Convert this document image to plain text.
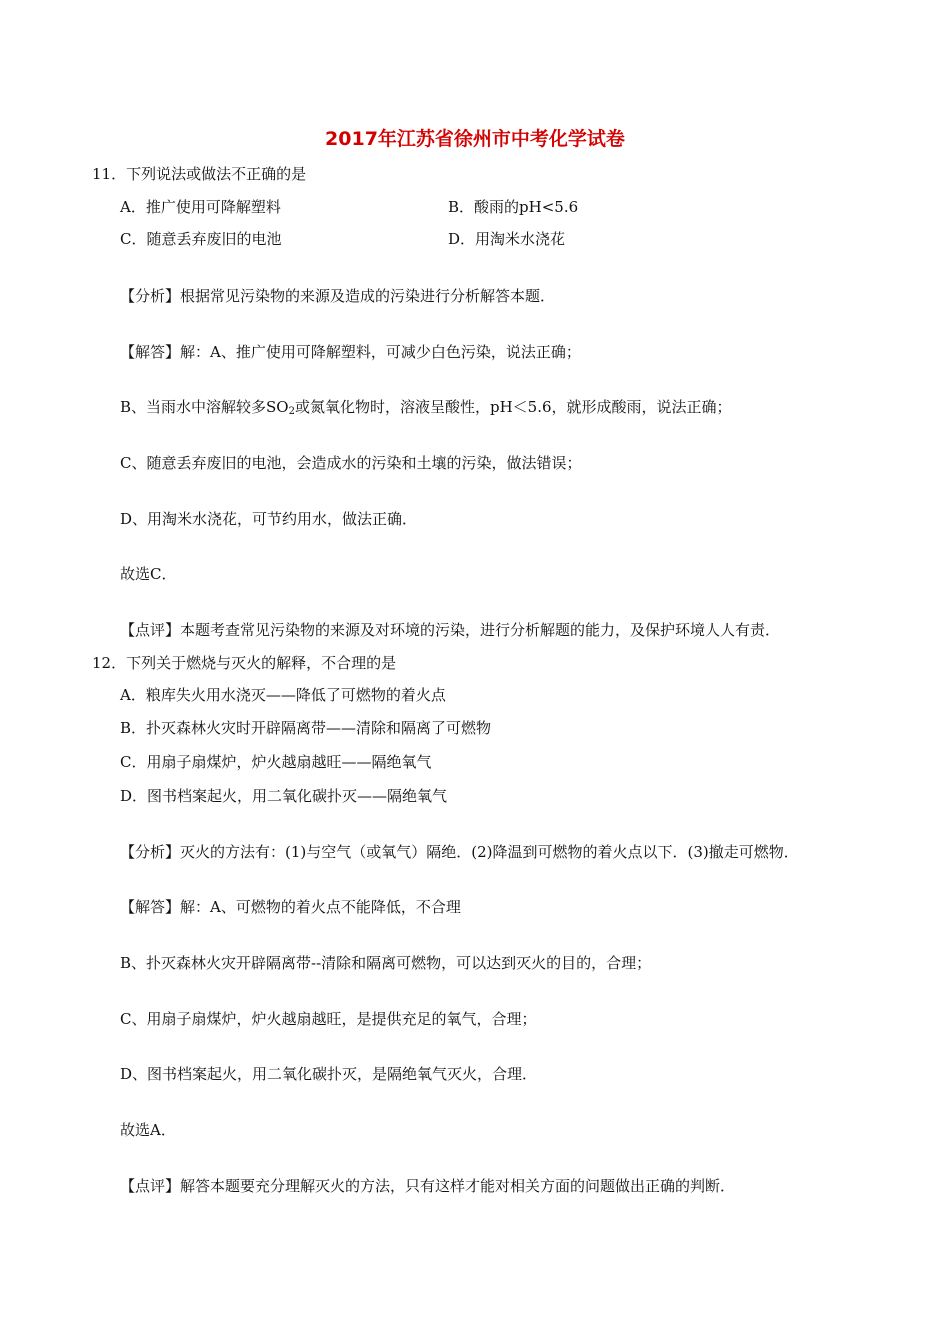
2017年江苏省徐州市中考化学试卷
11．下列说法或做法不正确的是
A．推广使用可降解塑料	B．酸雨的pH<5.6
C．随意丢弃废旧的电池	D．用淘米水浇花
【分析】根据常见污染物的来源及造成的污染进行分析解答本题．
【解答】解：A、推广使用可降解塑料，可减少白色污染，说法正确；
B、当雨水中溶解较多$SO_2$或氮氧化物时，溶液呈酸性，pH＜5.6，就形成酸雨，说法正确；
C、随意丢弃废旧的电池，会造成水的污染和土壤的污染，做法错误；
D、用淘米水浇花，可节约用水，做法正确．
故选C．
【点评】本题考查常见污染物的来源及对环境的污染，进行分析解题的能力，及保护环境人人有责．
12．下列关于燃烧与灭火的解释，不合理的是
A．粮库失火用水浇灭——降低了可燃物的着火点
B．扑灭森林火灾时开辟隔离带——清除和隔离了可燃物
C．用扇子扇煤炉，炉火越扇越旺——隔绝氧气
D．图书档案起火，用二氧化碳扑灭——隔绝氧气
【分析】灭火的方法有：(1)与空气（或氧气）隔绝．(2)降温到可燃物的着火点以下．(3)撤走可燃物．
【解答】解：A、可燃物的着火点不能降低，不合理
B、扑灭森林火灾开辟隔离带--清除和隔离可燃物，可以达到灭火的目的，合理；
C、用扇子扇煤炉，炉火越扇越旺，是提供充足的氧气，合理；
D、图书档案起火，用二氧化碳扑灭，是隔绝氧气灭火，合理．
故选A．
【点评】解答本题要充分理解灭火的方法，只有这样才能对相关方面的问题做出正确的判断．
